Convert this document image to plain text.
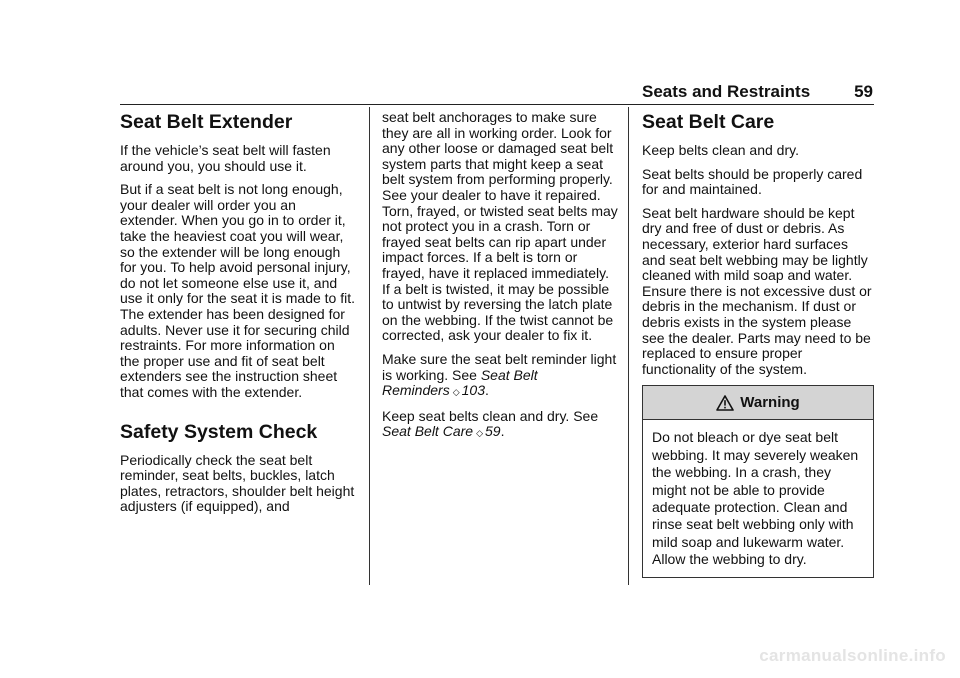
Seats and Restraints	59
Seat Belt Extender

If the vehicle’s seat belt will fasten around you, you should use it.

But if a seat belt is not long enough, your dealer will order you an extender. When you go in to order it, take the heaviest coat you will wear, so the extender will be long enough for you. To help avoid personal injury, do not let someone else use it, and use it only for the seat it is made to fit. The extender has been designed for adults. Never use it for securing child restraints. For more information on the proper use and fit of seat belt extenders see the instruction sheet that comes with the extender.

Safety System Check

Periodically check the seat belt reminder, seat belts, buckles, latch plates, retractors, shoulder belt height adjusters (if equipped), and

seat belt anchorages to make sure they are all in working order. Look for any other loose or damaged seat belt system parts that might keep a seat belt system from performing properly. See your dealer to have it repaired. Torn, frayed, or twisted seat belts may not protect you in a crash. Torn or frayed seat belts can rip apart under impact forces. If a belt is torn or frayed, have it replaced immediately. If a belt is twisted, it may be possible to untwist by reversing the latch plate on the webbing. If the twist cannot be corrected, ask your dealer to fix it.

Make sure the seat belt reminder light is working. See Seat Belt Reminders ◇ 103.

Keep seat belts clean and dry. See Seat Belt Care ◇ 59.

Seat Belt Care

Keep belts clean and dry.

Seat belts should be properly cared for and maintained.

Seat belt hardware should be kept dry and free of dust or debris. As necessary, exterior hard surfaces and seat belt webbing may be lightly cleaned with mild soap and water. Ensure there is not excessive dust or debris in the mechanism. If dust or debris exists in the system please see the dealer. Parts may need to be replaced to ensure proper functionality of the system.

Warning
Do not bleach or dye seat belt webbing. It may severely weaken the webbing. In a crash, they might not be able to provide adequate protection. Clean and rinse seat belt webbing only with mild soap and lukewarm water. Allow the webbing to dry.
carmanualsonline.info
